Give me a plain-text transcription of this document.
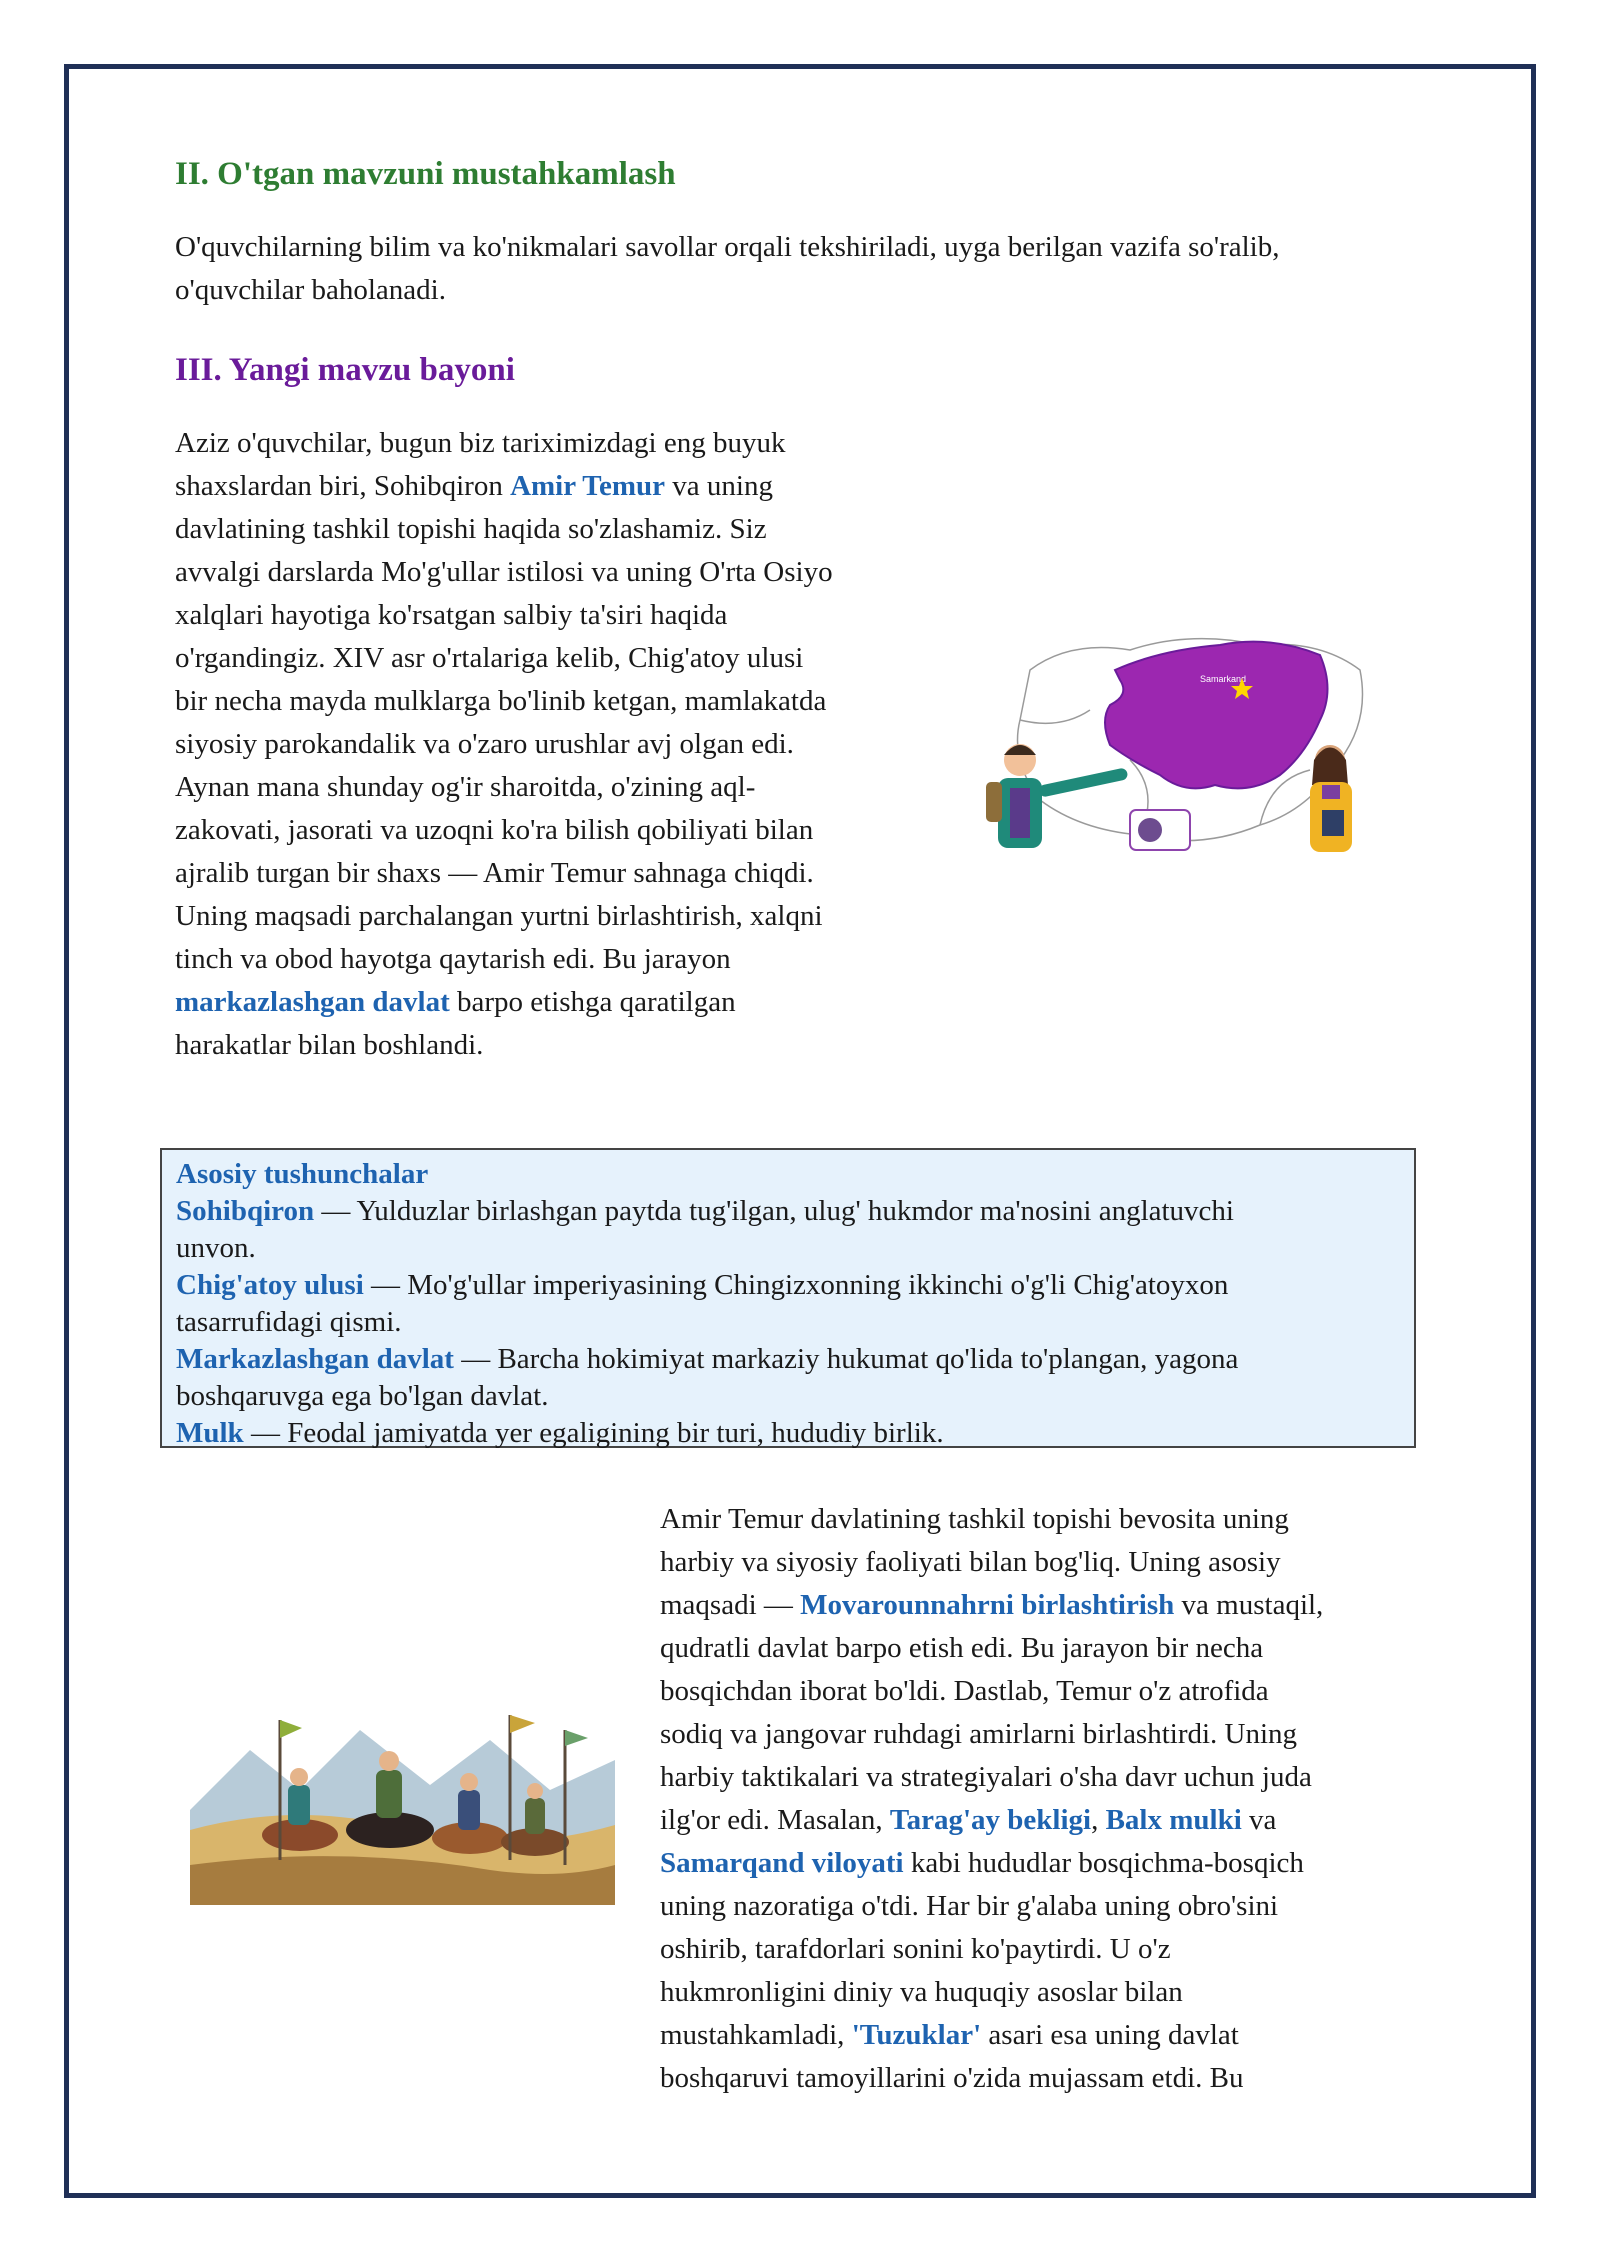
II. O'tgan mavzuni mustahkamlash

O'quvchilarning bilim va ko'nikmalari savollar orqali tekshiriladi, uyga berilgan vazifa so'ralib,
o'quvchilar baholanadi.

III. Yangi mavzu bayoni

Aziz o'quvchilar, bugun biz tariximizdagi eng buyuk
shaxslardan biri, Sohibqiron Amir Temur va uning
davlatining tashkil topishi haqida so'zlashamiz. Siz
avvalgi darslarda Mo'g'ullar istilosi va uning O'rta Osiyo
xalqlari hayotiga ko'rsatgan salbiy ta'siri haqida
o'rgandingiz. XIV asr o'rtalariga kelib, Chig'atoy ulusi
bir necha mayda mulklarga bo'linib ketgan, mamlakatda
siyosiy parokandalik va o'zaro urushlar avj olgan edi.
Aynan mana shunday og'ir sharoitda, o'zining aql-
zakovati, jasorati va uzoqni ko'ra bilish qobiliyati bilan
ajralib turgan bir shaxs — Amir Temur sahnaga chiqdi.
Uning maqsadi parchalangan yurtni birlashtirish, xalqni
tinch va obod hayotga qaytarish edi. Bu jarayon
markazlashgan davlat barpo etishga qaratilgan
harakatlar bilan boshlandi.

Samarkand
Asosiy tushunchalar
Sohibqiron — Yulduzlar birlashgan paytda tug'ilgan, ulug' hukmdor ma'nosini anglatuvchi
unvon.
Chig'atoy ulusi — Mo'g'ullar imperiyasining Chingizxonning ikkinchi o'g'li Chig'atoyxon
tasarrufidagi qismi.
Markazlashgan davlat — Barcha hokimiyat markaziy hukumat qo'lida to'plangan, yagona
boshqaruvga ega bo'lgan davlat.
Mulk — Feodal jamiyatda yer egaligining bir turi, hududiy birlik.

Amir Temur davlatining tashkil topishi bevosita uning
harbiy va siyosiy faoliyati bilan bog'liq. Uning asosiy
maqsadi — Movarounnahrni birlashtirish va mustaqil,
qudratli davlat barpo etish edi. Bu jarayon bir necha
bosqichdan iborat bo'ldi. Dastlab, Temur o'z atrofida
sodiq va jangovar ruhdagi amirlarni birlashtirdi. Uning
harbiy taktikalari va strategiyalari o'sha davr uchun juda
ilg'or edi. Masalan, Tarag'ay bekligi, Balx mulki va
Samarqand viloyati kabi hududlar bosqichma-bosqich
uning nazoratiga o'tdi. Har bir g'alaba uning obro'sini
oshirib, tarafdorlari sonini ko'paytirdi. U o'z
hukmronligini diniy va huquqiy asoslar bilan
mustahkamladi, 'Tuzuklar' asari esa uning davlat
boshqaruvi tamoyillarini o'zida mujassam etdi. Bu
